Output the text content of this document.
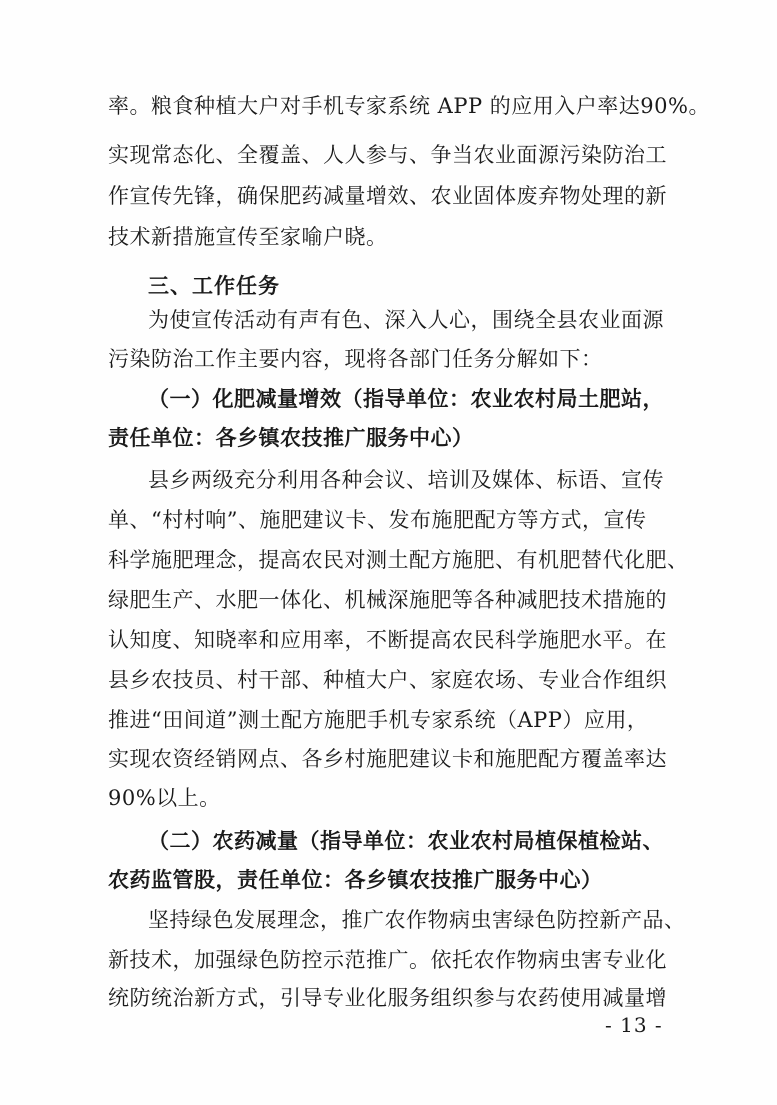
率。粮食种植大户对手机专家系统 APP 的应用入户率达90%。
实现常态化、全覆盖、人人参与、争当农业面源污染防治工
作宣传先锋，确保肥药减量增效、农业固体废弃物处理的新
技术新措施宣传至家喻户晓。
三、工作任务
为使宣传活动有声有色、深入人心，围绕全县农业面源
污染防治工作主要内容，现将各部门任务分解如下：
（一）化肥减量增效（指导单位：农业农村局土肥站，
责任单位：各乡镇农技推广服务中心）
县乡两级充分利用各种会议、培训及媒体、标语、宣传
单、“村村响”、施肥建议卡、发布施肥配方等方式，宣传
科学施肥理念，提高农民对测土配方施肥、有机肥替代化肥、
绿肥生产、水肥一体化、机械深施肥等各种减肥技术措施的
认知度、知晓率和应用率，不断提高农民科学施肥水平。在
县乡农技员、村干部、种植大户、家庭农场、专业合作组织
推进“田间道”测土配方施肥手机专家系统（APP）应用，
实现农资经销网点、各乡村施肥建议卡和施肥配方覆盖率达
90%以上。
（二）农药减量（指导单位：农业农村局植保植检站、
农药监管股，责任单位：各乡镇农技推广服务中心）
坚持绿色发展理念，推广农作物病虫害绿色防控新产品、
新技术，加强绿色防控示范推广。依托农作物病虫害专业化
统防统治新方式，引导专业化服务组织参与农药使用减量增
- 13 -
